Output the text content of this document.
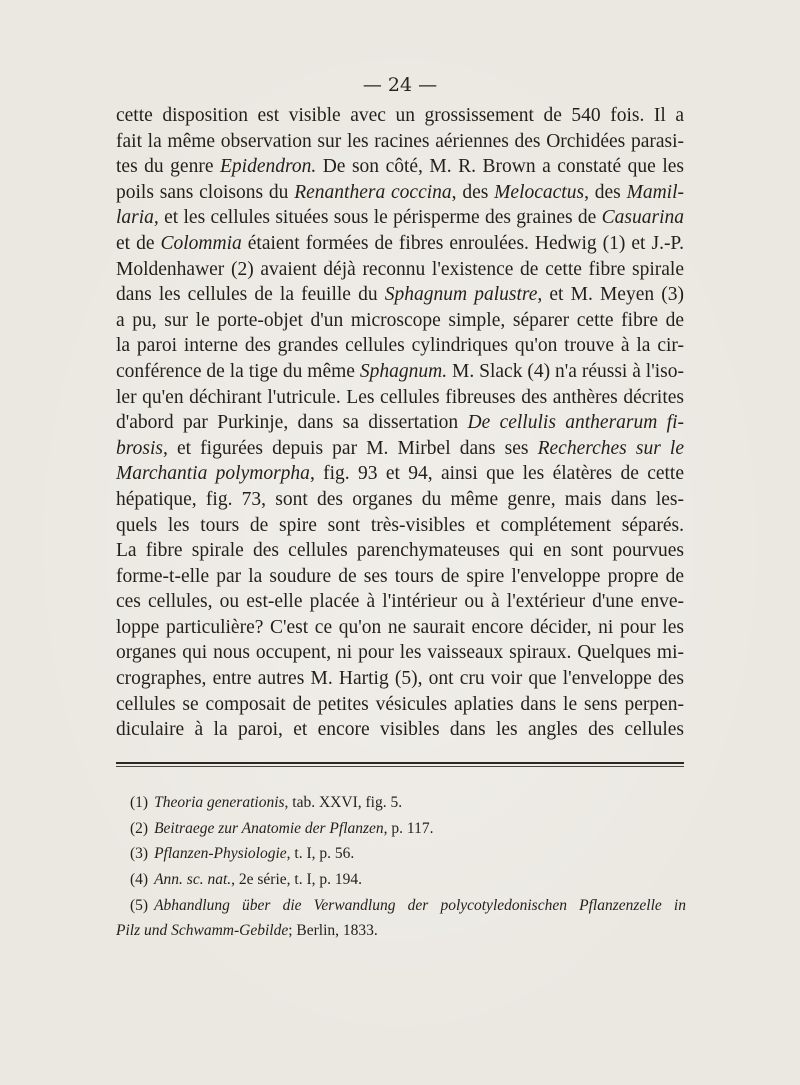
— 24 —

cette disposition est visible avec un grossissement de 540 fois. Il a
fait la même observation sur les racines aériennes des Orchidées parasi-
tes du genre Epidendron. De son côté, M. R. Brown a constaté que les
poils sans cloisons du Renanthera coccina, des Melocactus, des Mamil-
laria, et les cellules situées sous le périsperme des graines de Casuarina
et de Colommia étaient formées de fibres enroulées. Hedwig (1) et J.-P.
Moldenhawer (2) avaient déjà reconnu l'existence de cette fibre spirale
dans les cellules de la feuille du Sphagnum palustre, et M. Meyen (3)
a pu, sur le porte-objet d'un microscope simple, séparer cette fibre de
la paroi interne des grandes cellules cylindriques qu'on trouve à la cir-
conférence de la tige du même Sphagnum. M. Slack (4) n'a réussi à l'iso-
ler qu'en déchirant l'utricule. Les cellules fibreuses des anthères décrites
d'abord par Purkinje, dans sa dissertation De cellulis antherarum fi-
brosis, et figurées depuis par M. Mirbel dans ses Recherches sur le
Marchantia polymorpha, fig. 93 et 94, ainsi que les élatères de cette
hépatique, fig. 73, sont des organes du même genre, mais dans les-
quels les tours de spire sont très-visibles et complétement séparés.
La fibre spirale des cellules parenchymateuses qui en sont pourvues
forme-t-elle par la soudure de ses tours de spire l'enveloppe propre de
ces cellules, ou est-elle placée à l'intérieur ou à l'extérieur d'une enve-
loppe particulière? C'est ce qu'on ne saurait encore décider, ni pour les
organes qui nous occupent, ni pour les vaisseaux spiraux. Quelques mi-
crographes, entre autres M. Hartig (5), ont cru voir que l'enveloppe des
cellules se composait de petites vésicules aplaties dans le sens perpen-
diculaire à la paroi, et encore visibles dans les angles des cellules
(1) Theoria generationis, tab. XXVI, fig. 5.
(2) Beitraege zur Anatomie der Pflanzen, p. 117.
(3) Pflanzen-Physiologie, t. I, p. 56.
(4) Ann. sc. nat., 2e série, t. I, p. 194.
(5) Abhandlung über die Verwandlung der polycotyledonischen Pflanzenzelle in
Pilz und Schwamm-Gebilde; Berlin, 1833.
